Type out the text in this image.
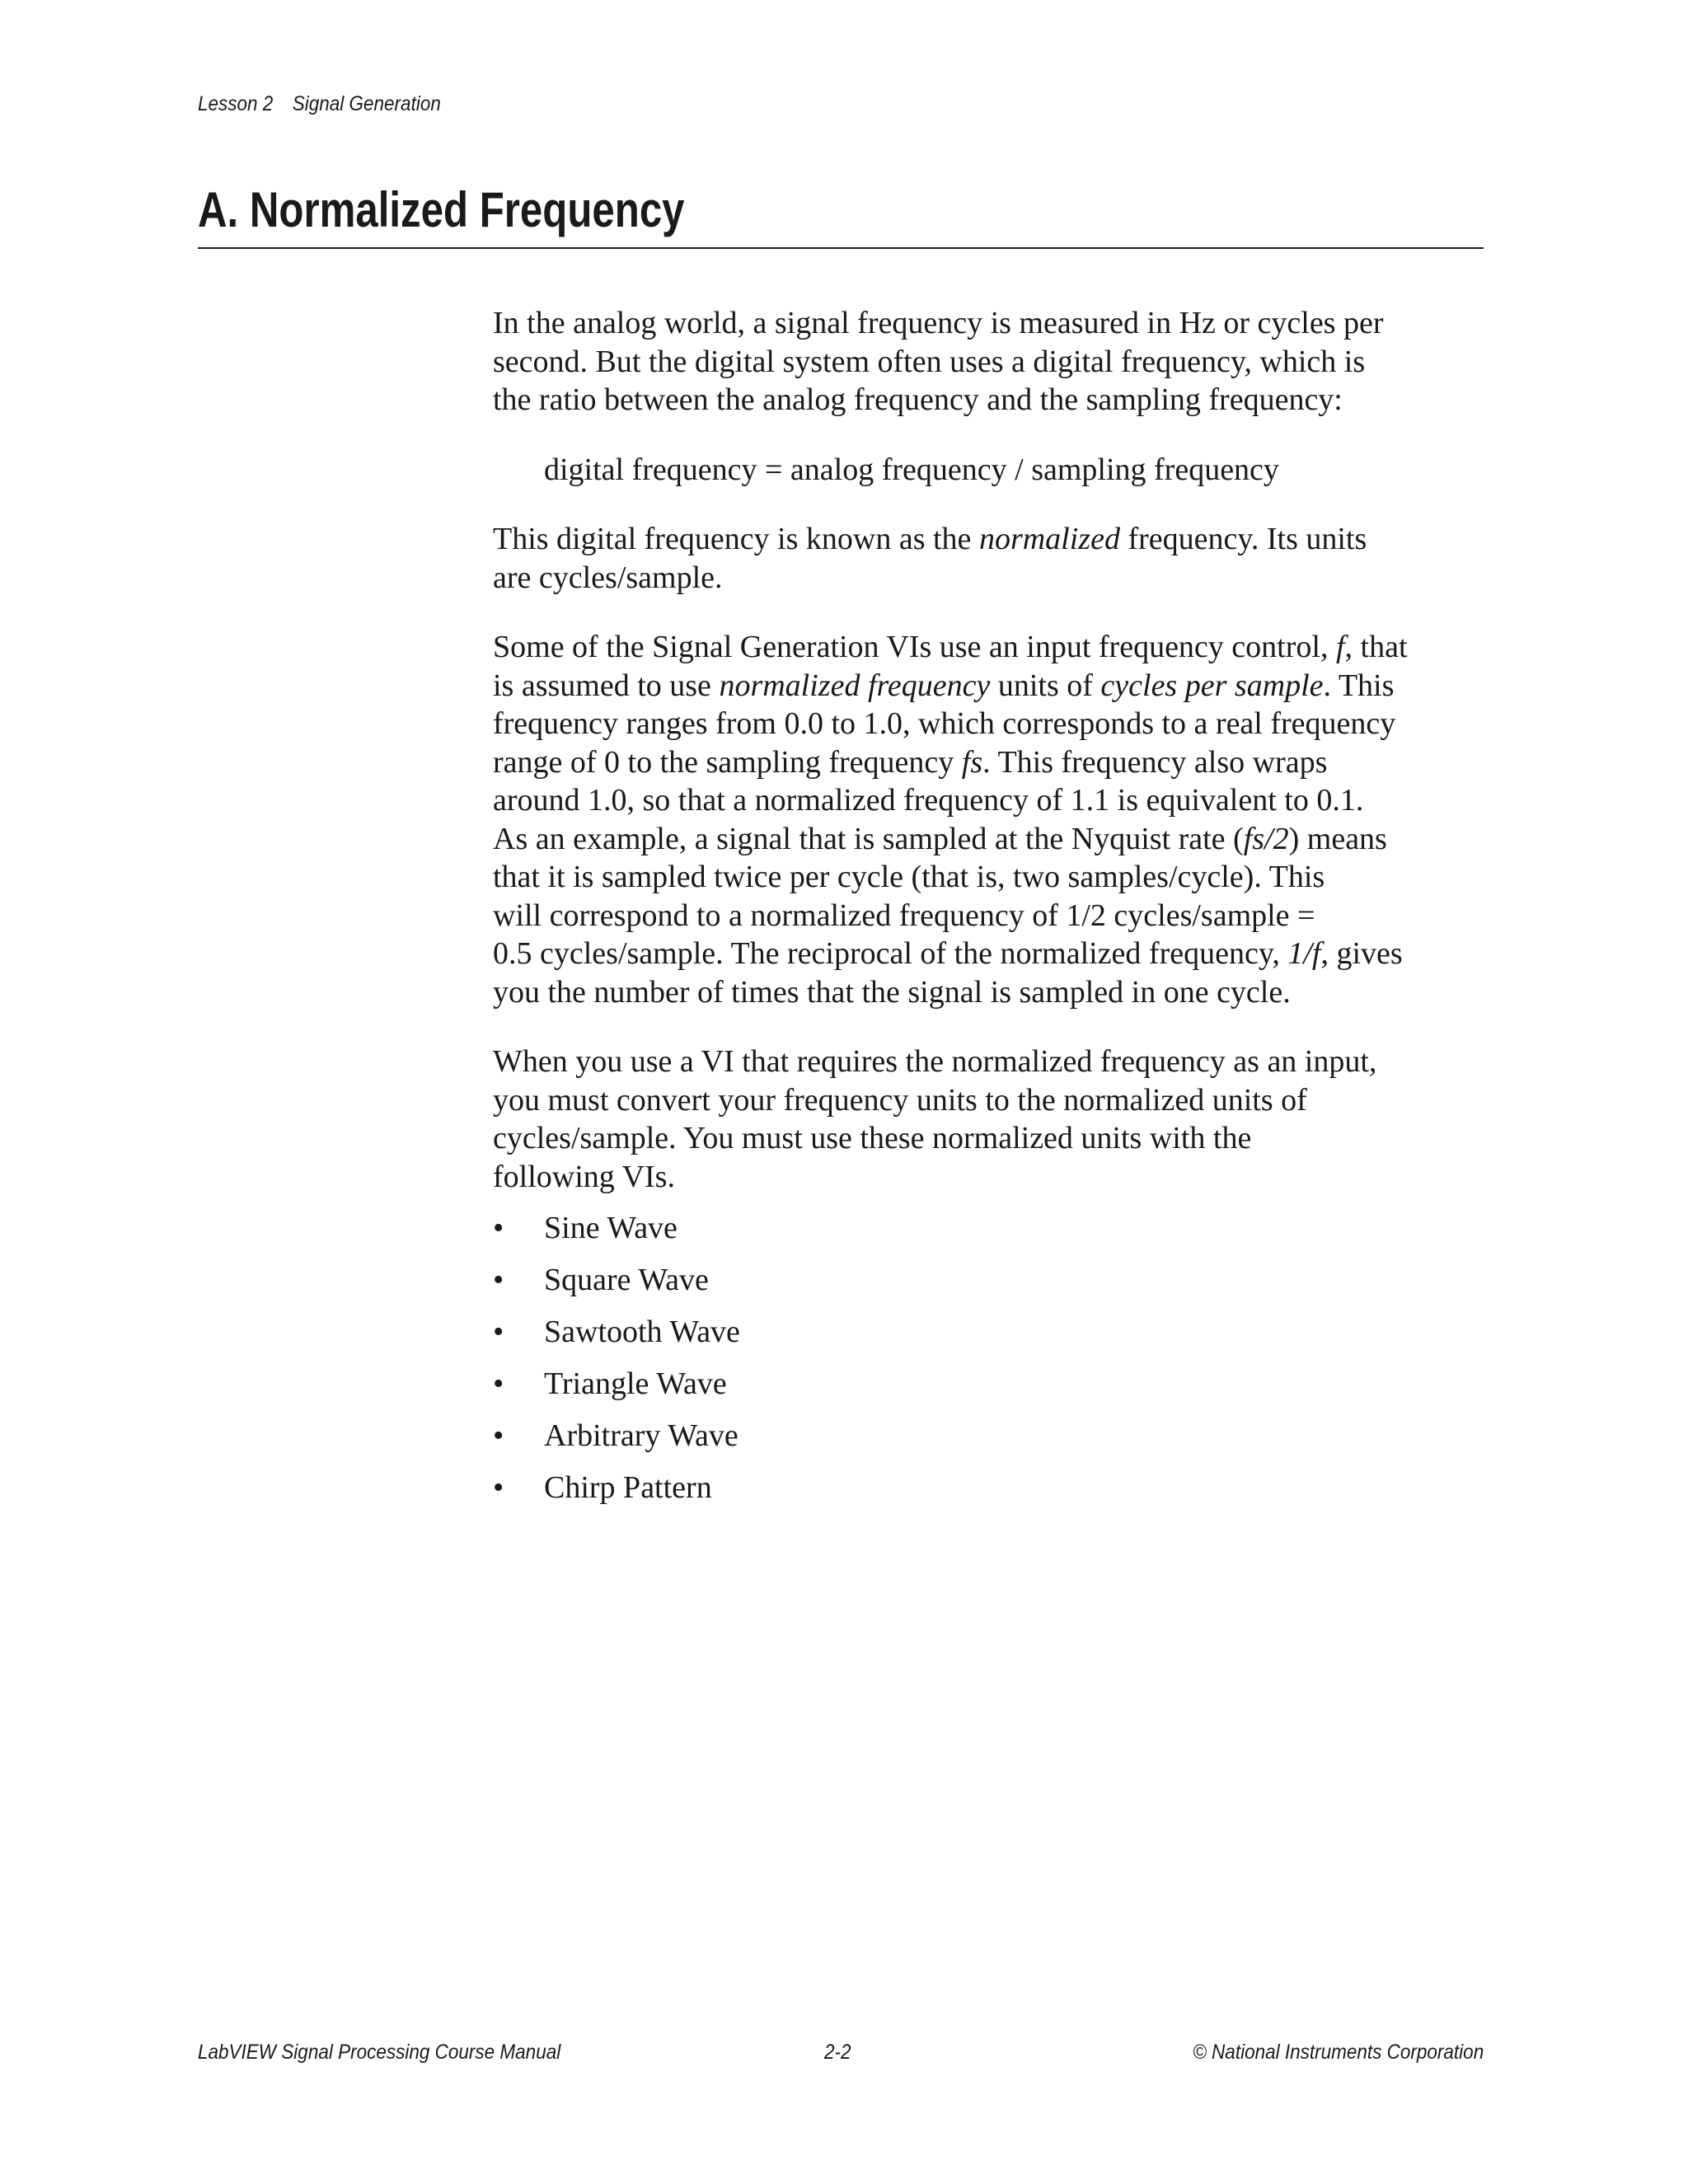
Lesson 2 Signal Generation
A. Normalized Frequency

In the analog world, a signal frequency is measured in Hz or cycles per
second. But the digital system often uses a digital frequency, which is
the ratio between the analog frequency and the sampling frequency:

digital frequency = analog frequency / sampling frequency

This digital frequency is known as the normalized frequency. Its units
are cycles/sample.

Some of the Signal Generation VIs use an input frequency control, f, that
is assumed to use normalized frequency units of cycles per sample. This
frequency ranges from 0.0 to 1.0, which corresponds to a real frequency
range of 0 to the sampling frequency fs. This frequency also wraps
around 1.0, so that a normalized frequency of 1.1 is equivalent to 0.1.
As an example, a signal that is sampled at the Nyquist rate (fs/2) means
that it is sampled twice per cycle (that is, two samples/cycle). This
will correspond to a normalized frequency of 1/2 cycles/sample =
0.5 cycles/sample. The reciprocal of the normalized frequency, 1/f, gives
you the number of times that the signal is sampled in one cycle.

When you use a VI that requires the normalized frequency as an input,
you must convert your frequency units to the normalized units of
cycles/sample. You must use these normalized units with the
following VIs.

• Sine Wave
• Square Wave
• Sawtooth Wave
• Triangle Wave
• Arbitrary Wave
• Chirp Pattern
LabVIEW Signal Processing Course Manual	2-2	© National Instruments Corporation
